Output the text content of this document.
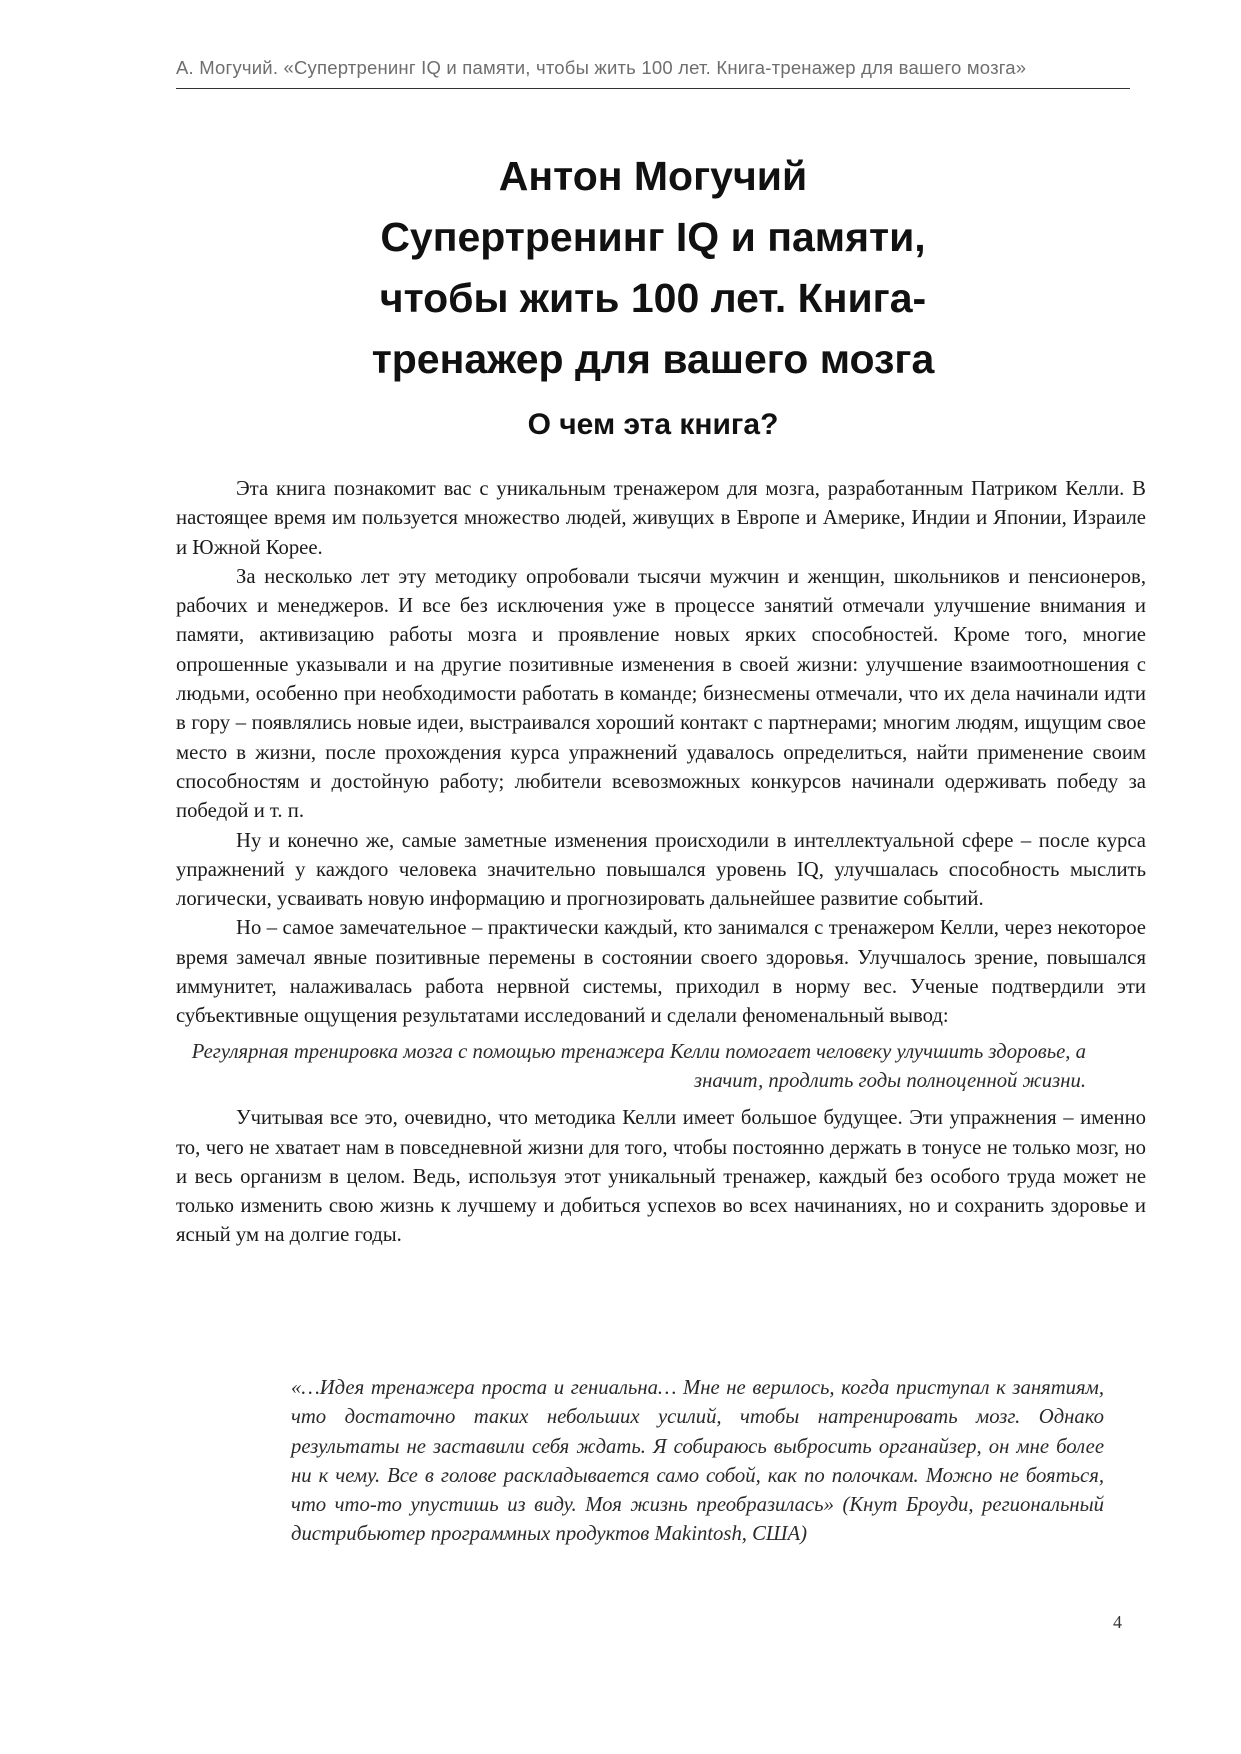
А. Могучий. «Супертренинг IQ и памяти, чтобы жить 100 лет. Книга-тренажер для вашего мозга»
Антон Могучий
Супертренинг IQ и памяти,
чтобы жить 100 лет. Книга-
тренажер для вашего мозга
О чем эта книга?

Эта книга познакомит вас с уникальным тренажером для мозга, разработанным Патриком Келли. В настоящее время им пользуется множество людей, живущих в Европе и Америке, Индии и Японии, Израиле и Южной Корее.

За несколько лет эту методику опробовали тысячи мужчин и женщин, школьников и пенсионеров, рабочих и менеджеров. И все без исключения уже в процессе занятий отмечали улучшение внимания и памяти, активизацию работы мозга и проявление новых ярких способностей. Кроме того, многие опрошенные указывали и на другие позитивные изменения в своей жизни: улучшение взаимоотношения с людьми, особенно при необходимости работать в команде; бизнесмены отмечали, что их дела начинали идти в гору – появлялись новые идеи, выстраивался хороший контакт с партнерами; многим людям, ищущим свое место в жизни, после прохождения курса упражнений удавалось определиться, найти применение своим способностям и достойную работу; любители всевозможных конкурсов начинали одерживать победу за победой и т. п.

Ну и конечно же, самые заметные изменения происходили в интеллектуальной сфере – после курса упражнений у каждого человека значительно повышался уровень IQ, улучшалась способность мыслить логически, усваивать новую информацию и прогнозировать дальнейшее развитие событий.

Но – самое замечательное – практически каждый, кто занимался с тренажером Келли, через некоторое время замечал явные позитивные перемены в состоянии своего здоровья. Улучшалось зрение, повышался иммунитет, налаживалась работа нервной системы, приходил в норму вес. Ученые подтвердили эти субъективные ощущения результатами исследований и сделали феноменальный вывод:

Регулярная тренировка мозга с помощью тренажера Келли помогает человеку улучшить здоровье, а значит, продлить годы полноценной жизни.

Учитывая все это, очевидно, что методика Келли имеет большое будущее. Эти упражнения – именно то, чего не хватает нам в повседневной жизни для того, чтобы постоянно держать в тонусе не только мозг, но и весь организм в целом. Ведь, используя этот уникальный тренажер, каждый без особого труда может не только изменить свою жизнь к лучшему и добиться успехов во всех начинаниях, но и сохранить здоровье и ясный ум на долгие годы.

«…Идея тренажера проста и гениальна… Мне не верилось, когда приступал к занятиям, что достаточно таких небольших усилий, чтобы натренировать мозг. Однако результаты не заставили себя ждать. Я собираюсь выбросить органайзер, он мне более ни к чему. Все в голове раскладывается само собой, как по полочкам. Можно не бояться, что что-то упустишь из виду. Моя жизнь преобразилась» (Кнут Броуди, региональный дистрибьютер программных продуктов Makintosh, США)

4
